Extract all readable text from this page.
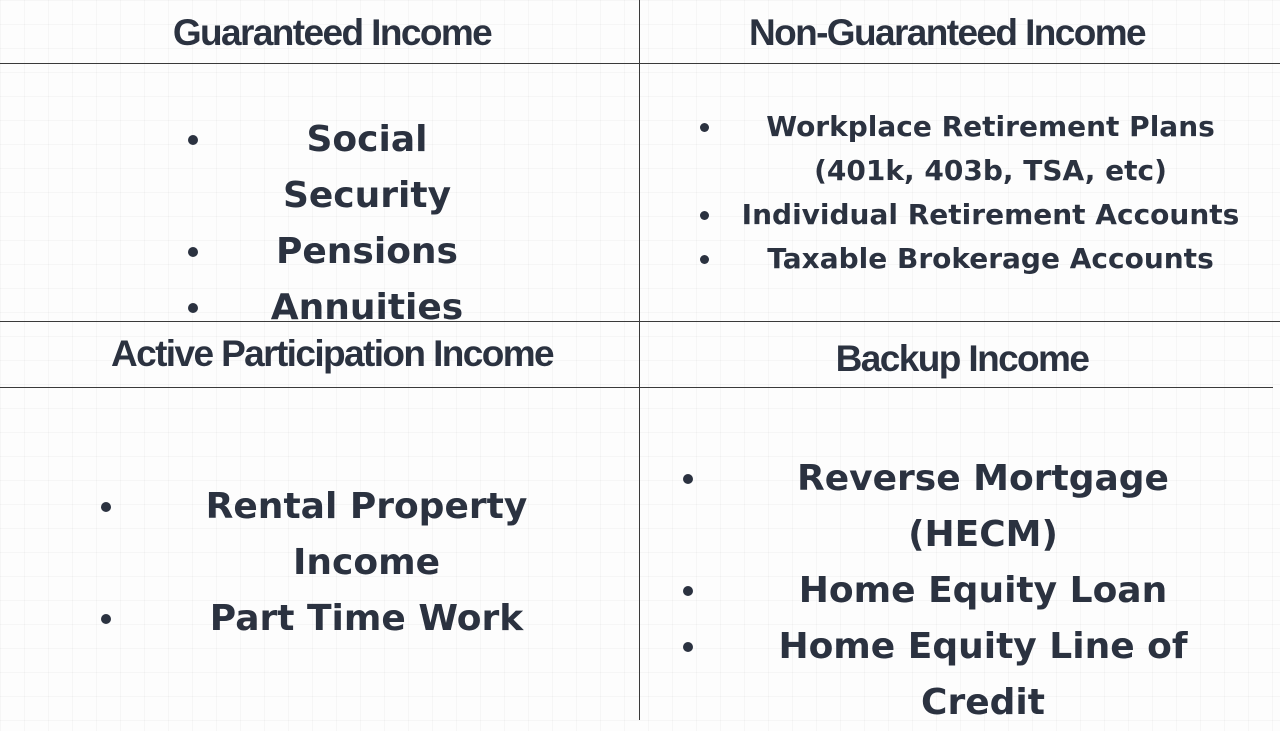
Guaranteed Income	Non-Guaranteed Income
Active Participation Income	Backup Income
Social Security
Pensions
Annuities
Workplace Retirement Plans
(401k, 403b, TSA, etc)
Individual Retirement Accounts
Taxable Brokerage Accounts
Rental Property Income
Part Time Work
Reverse Mortgage (HECM)
Home Equity Loan
Home Equity Line of Credit
